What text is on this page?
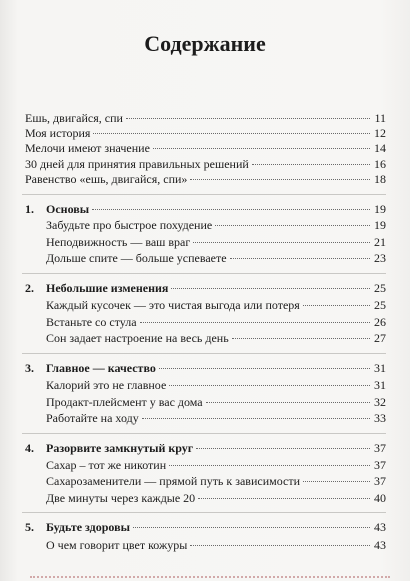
Содержание
Ешь, двигайся, спи	11
Моя история	12
Мелочи имеют значение	14
30 дней для принятия правильных решений	16
Равенство «ешь, двигайся, спи»	18
1.	Основы	19
Забудьте про быстрое похудение	19
Неподвижность — ваш враг	21
Дольше спите — больше успеваете	23
2.	Небольшие изменения	25
Каждый кусочек — это чистая выгода или потеря	25
Встаньте со стула	26
Сон задает настроение на весь день	27
3.	Главное — качество	31
Калорий это не главное	31
Продакт-плейсмент у вас дома	32
Работайте на ходу	33
4.	Разорвите замкнутый круг	37
Сахар – тот же никотин	37
Сахарозаменители — прямой путь к зависимости	37
Две минуты через каждые 20	40
5.	Будьте здоровы	43
О чем говорит цвет кожуры	43
